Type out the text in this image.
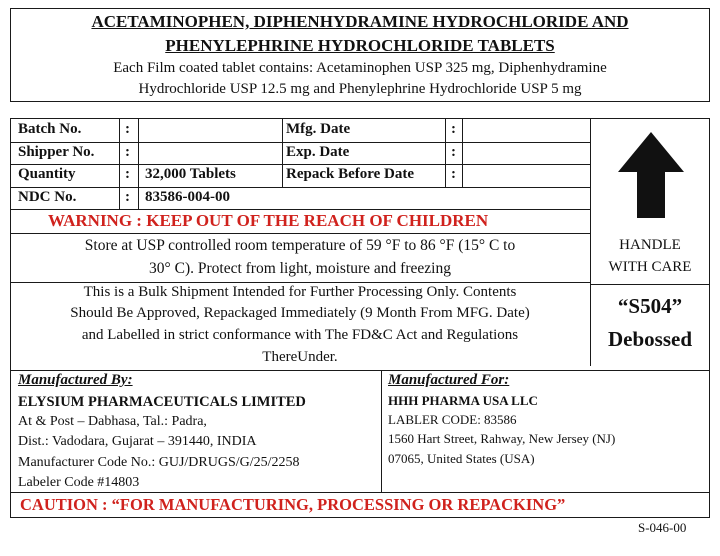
ACETAMINOPHEN, DIPHENHYDRAMINE HYDROCHLORIDE AND
PHENYLEPHRINE HYDROCHLORIDE TABLETS
Each Film coated tablet contains: Acetaminophen USP 325 mg, Diphenhydramine
Hydrochloride USP 12.5 mg and Phenylephrine Hydrochloride USP 5 mg
Batch No.
Shipper No.
Quantity
NDC No.
:
:
:
:
32,000 Tablets
83586-004-00
Mfg. Date
Exp. Date
Repack Before Date
:
:
:
WARNING : KEEP OUT OF THE REACH OF CHILDREN
Store at USP controlled room temperature of 59 °F to 86 °F (15° C to
30° C). Protect from light, moisture and freezing
HANDLE
WITH CARE
This is a Bulk Shipment Intended for Further Processing Only. Contents
Should Be Approved, Repackaged Immediately (9 Month From MFG. Date)
and Labelled in strict conformance with The FD&C Act and Regulations
ThereUnder.
“S504”
Debossed
Manufactured By:
ELYSIUM PHARMACEUTICALS LIMITED
At & Post – Dabhasa, Tal.: Padra,
Dist.: Vadodara, Gujarat – 391440, INDIA
Manufacturer Code No.: GUJ/DRUGS/G/25/2258
Labeler Code #14803
Manufactured For:
HHH PHARMA USA LLC
LABLER CODE: 83586
1560 Hart Street, Rahway, New Jersey (NJ)
07065, United States (USA)
CAUTION : “FOR MANUFACTURING, PROCESSING OR REPACKING”
S-046-00
